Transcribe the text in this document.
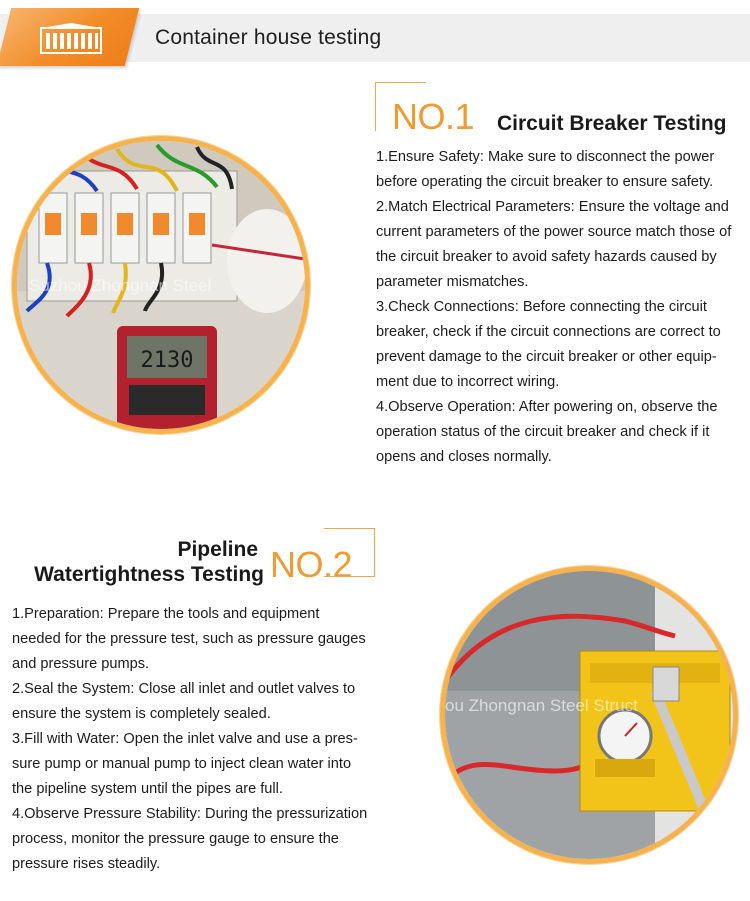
Container house testing
NO.1 Circuit Breaker Testing

1.Ensure Safety: Make sure to disconnect the power before operating the circuit breaker to ensure safety.

2.Match Electrical Parameters: Ensure the voltage and current parameters of the power source match those of the circuit breaker to avoid safety hazards caused by parameter mismatches.

3.Check Connections: Before connecting the circuit breaker, check if the circuit connections are correct to prevent damage to the circuit breaker or other equip-ment due to incorrect wiring.

4.Observe Operation: After powering on, observe the operation status of the circuit breaker and check if it opens and closes normally.

2130
Suzhou Zhongnan Steel
Pipeline
Watertightness Testing NO.2

1.Preparation: Prepare the tools and equipment needed for the pressure test, such as pressure gauges and pressure pumps.

2.Seal the System: Close all inlet and outlet valves to ensure the system is completely sealed.

3.Fill with Water: Open the inlet valve and use a pres-sure pump or manual pump to inject clean water into the pipeline system until the pipes are full.

4.Observe Pressure Stability: During the pressurization process, monitor the pressure gauge to ensure the pressure rises steadily.

ou Zhongnan Steel Struct
